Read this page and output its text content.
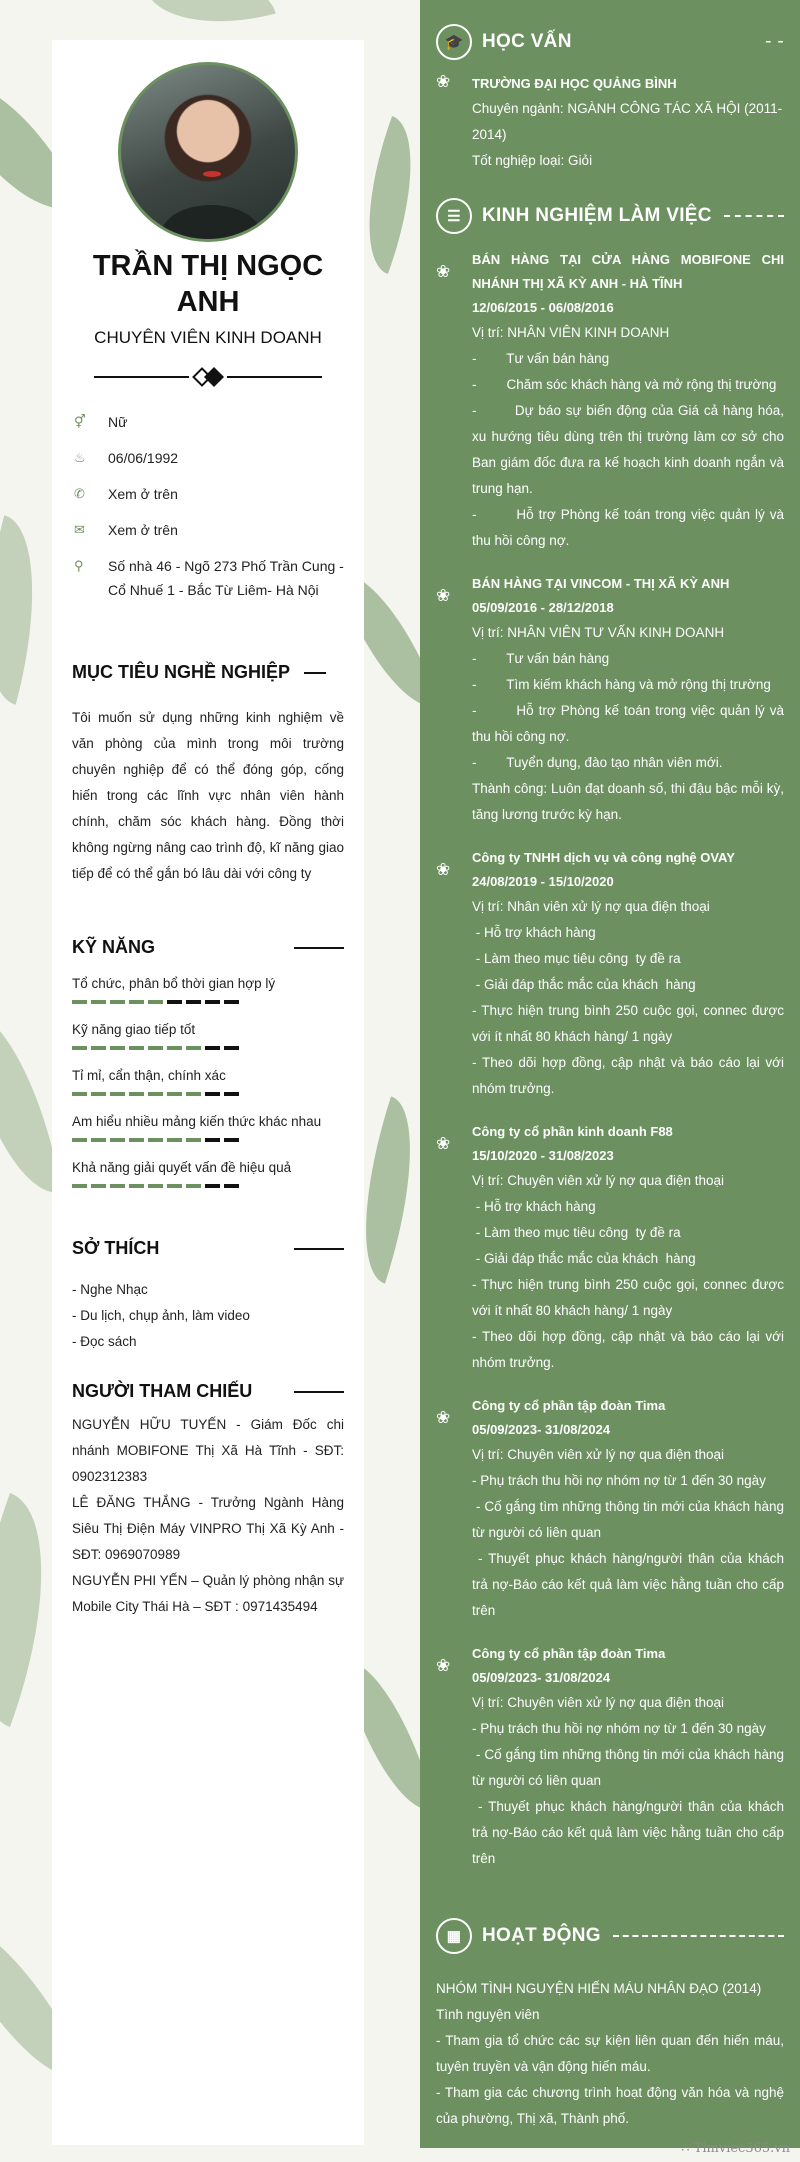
TRẦN THỊ NGỌC
ANH
CHUYÊN VIÊN KINH DOANH
⚥	Nữ
♨	06/06/1992
✆	Xem ở trên
✉	Xem ở trên
⚲	Số nhà 46 - Ngõ 273 Phố Trần Cung - Cổ Nhuế 1 - Bắc Từ Liêm- Hà Nội
MỤC TIÊU NGHỀ NGHIỆP
Tôi muốn sử dụng những kinh nghiệm về văn phòng của mình trong môi trường chuyên nghiệp để có thể đóng góp, cống hiến trong các lĩnh vực nhân viên hành chính, chăm sóc khách hàng. Đồng thời không ngừng nâng cao trình độ, kĩ năng giao tiếp để có thể gắn bó lâu dài với công ty
KỸ NĂNG
Tổ chức, phân bổ thời gian hợp lý
Kỹ năng giao tiếp tốt
Tỉ mỉ, cẩn thận, chính xác
Am hiểu nhiều mảng kiến thức khác nhau
Khả năng giải quyết vấn đề hiệu quả
SỞ THÍCH
- Nghe Nhạc
- Du lịch, chụp ảnh, làm video
- Đọc sách
NGƯỜI THAM CHIẾU
NGUYỄN HỮU TUYẾN - Giám Đốc chi nhánh MOBIFONE Thị Xã Hà Tĩnh - SĐT: 0902312383
LÊ ĐĂNG THẮNG - Trưởng Ngành Hàng Siêu Thị Điện Máy VINPRO Thị Xã Kỳ Anh - SĐT: 0969070989
NGUYỄN PHI YẾN – Quản lý phòng nhận sự Mobile City Thái Hà – SĐT : 0971435494
🎓 HỌC VẤN	- -
❀ TRƯỜNG ĐẠI HỌC QUẢNG BÌNH
Chuyên ngành: NGÀNH CÔNG TÁC XÃ HỘI (2011-2014)
Tốt nghiệp loại: Giỏi
☰	KINH NGHIỆM LÀM VIỆC
❀
BÁN HÀNG TẠI CỬA HÀNG MOBIFONE CHI NHÁNH THỊ XÃ KỲ ANH - HÀ TĨNH
12/06/2015 - 06/08/2016
Vị trí: NHÂN VIÊN KINH DOANH
-        Tư vấn bán hàng
-        Chăm sóc khách hàng và mở rộng thị trường
-        Dự báo sự biến động của Giá cả hàng hóa, xu hướng tiêu dùng trên thị trường làm cơ sở cho Ban giám đốc đưa ra kế hoạch kinh doanh ngắn và trung hạn.
-        Hỗ trợ Phòng kế toán trong việc quản lý và thu hồi công nợ.
❀
BÁN HÀNG TẠI VINCOM - THỊ XÃ KỲ ANH
05/09/2016 - 28/12/2018
Vị trí: NHÂN VIÊN TƯ VẤN KINH DOANH
-        Tư vấn bán hàng
-        Tìm kiếm khách hàng và mở rộng thị trường
-        Hỗ trợ Phòng kế toán trong việc quản lý và thu hồi công nợ.
-        Tuyển dụng, đào tạo nhân viên mới.
Thành công: Luôn đạt doanh số, thi đậu bậc mỗi kỳ, tăng lương trước kỳ hạn.
❀
Công ty TNHH dịch vụ và công nghệ OVAY
24/08/2019 - 15/10/2020
Vị trí: Nhân viên xử lý nợ qua điện thoại
- Hỗ trợ khách hàng
- Làm theo mục tiêu công  ty đề ra
- Giải đáp thắc mắc của khách  hàng
- Thực hiện trung bình 250 cuộc gọi, connec được với ít nhất 80 khách hàng/ 1 ngày
- Theo dõi hợp đồng, cập nhật và báo cáo lại với nhóm trưởng.
❀
Công ty cổ phần kinh doanh F88
15/10/2020 - 31/08/2023
Vị trí: Chuyên viên xử lý nợ qua điện thoại
- Hỗ trợ khách hàng
- Làm theo mục tiêu công  ty đề ra
- Giải đáp thắc mắc của khách  hàng
- Thực hiện trung bình 250 cuộc gọi, connec được với ít nhất 80 khách hàng/ 1 ngày
- Theo dõi hợp đồng, cập nhật và báo cáo lại với nhóm trưởng.
❀
Công ty cổ phần tập đoàn Tima
05/09/2023- 31/08/2024
Vị trí: Chuyên viên xử lý nợ qua điện thoại
- Phụ trách thu hồi nợ nhóm nợ từ 1 đến 30 ngày
- Cố gắng tìm những thông tin mới của khách hàng từ người có liên quan
- Thuyết phục khách hàng/người thân của khách trả nợ-Báo cáo kết quả làm việc hằng tuần cho cấp trên
❀
Công ty cổ phần tập đoàn Tima
05/09/2023- 31/08/2024
Vị trí: Chuyên viên xử lý nợ qua điện thoại
- Phụ trách thu hồi nợ nhóm nợ từ 1 đến 30 ngày
- Cố gắng tìm những thông tin mới của khách hàng từ người có liên quan
- Thuyết phục khách hàng/người thân của khách trả nợ-Báo cáo kết quả làm việc hằng tuần cho cấp trên
▦	HOẠT ĐỘNG
NHÓM TÌNH NGUYỆN HIẾN MÁU NHÂN ĐẠO (2014)
Tình nguyện viên
- Tham gia tổ chức các sự kiện liên quan đến hiến máu, tuyên truyền và vận động hiến máu.
- Tham gia các chương trình hoạt động văn hóa và nghệ của phường, Thị xã, Thành phố.
∴ Timviec365.vn
